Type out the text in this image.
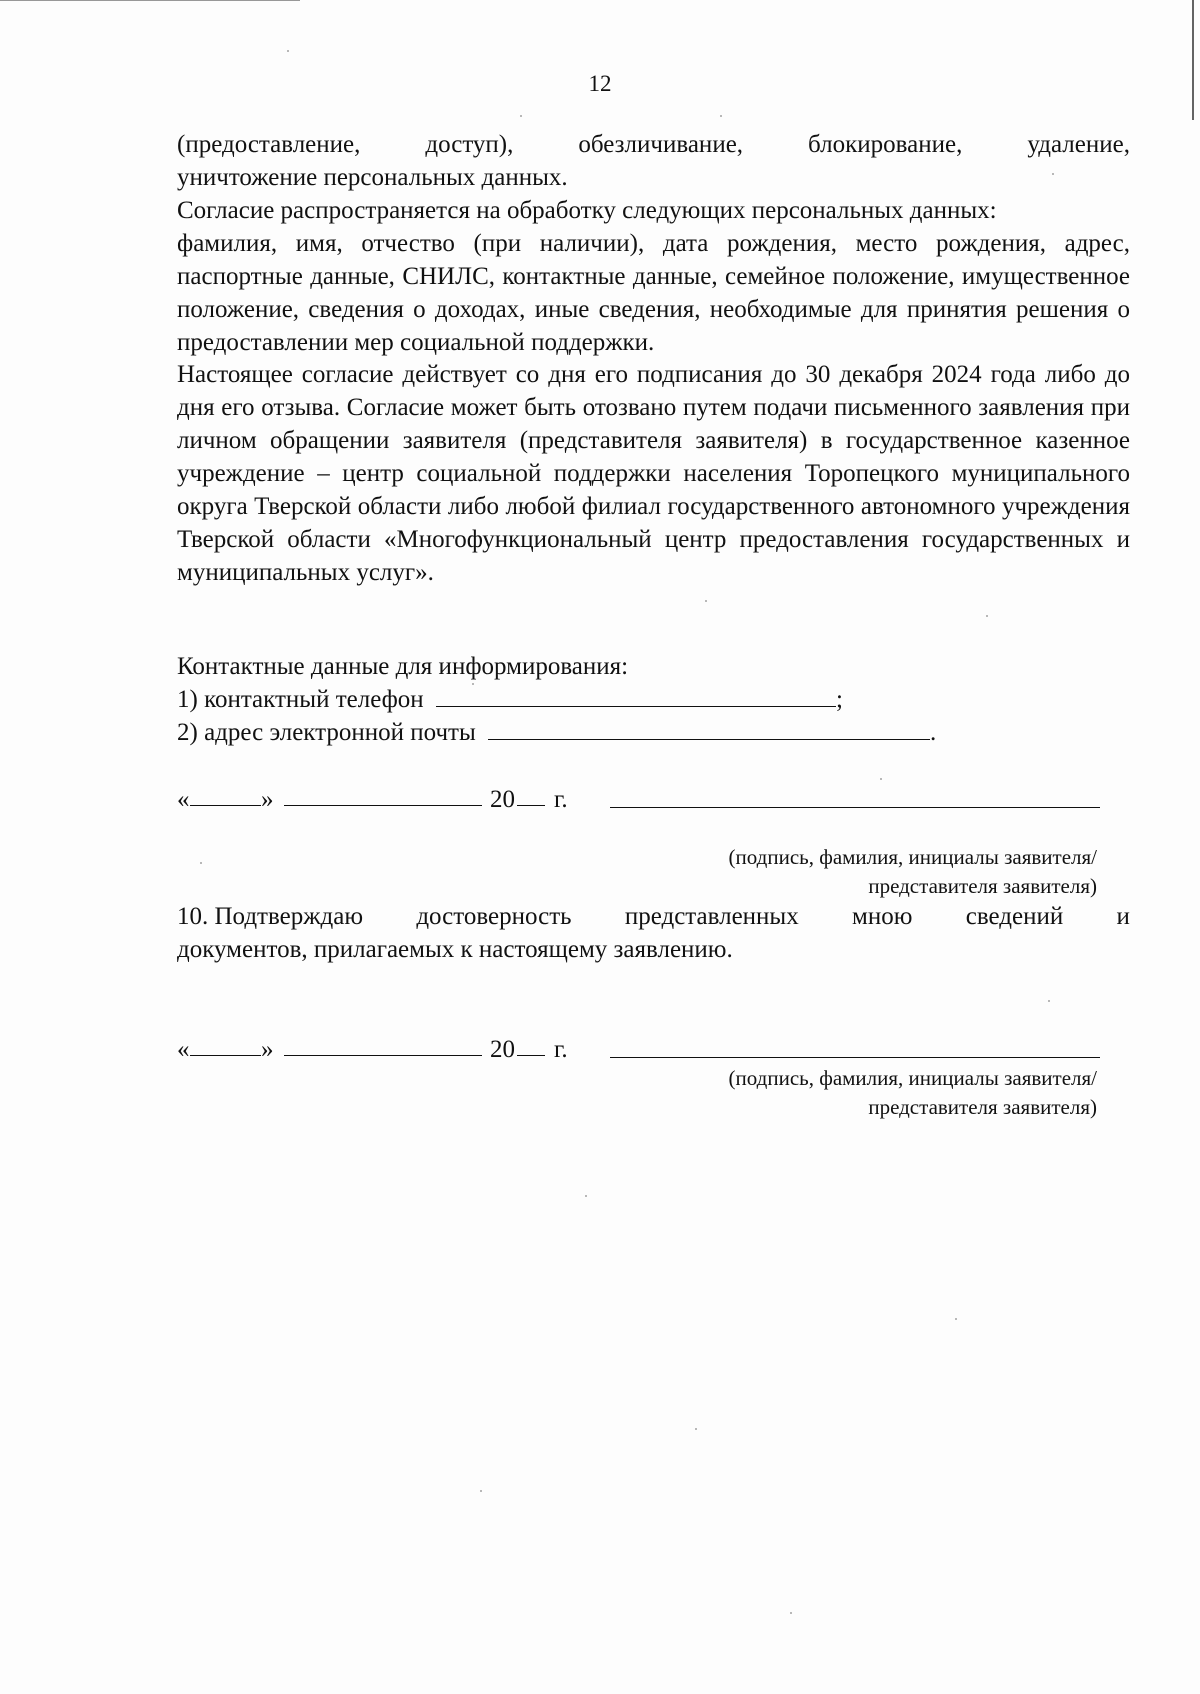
12
(предоставление,	доступ),	обезличивание,	блокирование,	удаление,
уничтожение персональных данных.
Согласие распространяется на обработку следующих персональных данных:

фамилия, имя, отчество (при наличии), дата рождения, место рождения, адрес, паспортные данные, СНИЛС, контактные данные, семейное положение, имущественное положение, сведения о доходах, иные сведения, необходимые для принятия решения о предоставлении мер социальной поддержки.

Настоящее согласие действует со дня его подписания до 30 декабря 2024 года либо до дня его отзыва. Согласие может быть отозвано путем подачи письменного заявления при личном обращении заявителя (представителя заявителя) в государственное казенное учреждение – центр социальной поддержки населения Торопецкого муниципального округа Тверской области либо любой филиал государственного автономного учреждения Тверской области «Многофункциональный центр предоставления государственных и муниципальных услуг».

Контактные данные для информирования:
1) контактный телефон	;
2) адрес электронной почты	.
«	»	20 г.
(подпись, фамилия, инициалы заявителя/
представителя заявителя)
10. Подтверждаю достоверность представленных мною сведений и
документов, прилагаемых к настоящему заявлению.
«	»	20 г.
(подпись, фамилия, инициалы заявителя/
представителя заявителя)
